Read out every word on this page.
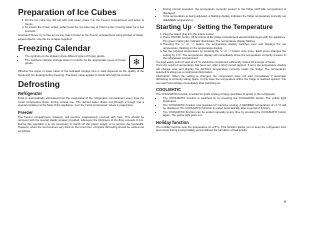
Preparation of Ice Cubes
1. Fill the ice cube tray 3/4 full with cold water, place it in the freezer compartment and leave to freeze.
2. To loosen the frozen cubes, either bend the ice cube tray or hold it under running water for a few seconds.

Important! Never try to free an ice tray that is frozen to the freezer compartment using pointed or sharp-edged objects. Use the ice scraper supplied.

Freezing Calendar
• The symbols on the drawers show different types of frozen goods.
• The numbers indicate storage times in months for the appropriate types of frozen goods.	❄

Whether the upper or lower value of the indicated storage time is valid depends on the quality of the foods and pre-treating before freezing. The lower value applies to foods with high fat content.

Defrosting
Refrigerator

Frost is automatically eliminated from the evaporator of the refrigerator compartment every time the motor compressor stops, during normal use. The defrost water drains out through a trough into a special container at the back of the appliance, over the motor compressor, where it evaporates.

Freezer

The freezer compartment, however, will become progressively covered with frost. This should be removed with the special plastic scraper provided, whenever the thickness of the frost exceeds 4 mm. During this operation it is not necessary to switch off the power supply or to remove the foodstuffs. However, when the ice becomes very thick on the inner liner, complete defrosting should be carried out as follows:

• During normal operation, the temperature currently present in the fridge (ACTUAL temperature) is displayed.
• If the temperature is being adjusted, a flashing display indicates the fridge temperature currently set (DESIRED temperature).
Starting Up - Setting the Temperature
1. Plug the mains plug into the mains socket.
2. Press ON/OFF button. All functions of the fridge compartment electronically begin with the appliance. The green mains pilot indicator illuminates. The temperature display flashes.
3. Pressing the “+” or “–” button: the temperature display switches over and displays the set temperature, flashing on the temperature display.
4. Set the required temperature by pressing the “+” or “–” button once more. Each press changes the setting by 1°C. The temperature display will immediately show the temperature currently present in the refrigerator compartment.

If a food safety point of view of +5 °C should be considered sufficiently cooled for a range of foods.

Once the required temperature has been set, after a short period (approx. 5 sec.) the temperature display will change over and display the ACTUAL temperature currently inside the fridge. The temperature selected is shown as a continuous illumination.

Information: When the setting is changed, the compressor does not start immediately if automatic defrosting is currently taking place. In this case the temperature within the fridge is reached quicker. You can start food storage immediately after switching on.

COOLMATIC

The COOLMATIC function is suited for quick cooling of large quantities of goods in the refrigerator.

• The COOLMATIC function is switched on by pressing the COOLMATIC button. The yellow light illuminates.
• The COOLMATIC function now provides for intensive cooling. A DESIRED temperature of +2 °C will be displayed. The COOLMATIC function is ended automatically after a period of 6 hours.
• The COOLMATIC function can be ended manually at any time by pressing the COOLMATIC button again. The yellow light goes out.
Holiday function

The holiday function sets the temperature at +15°C. This function allows you to keep the refrigerator shut and empty during a long holiday period without the formation of bad smells.

9
